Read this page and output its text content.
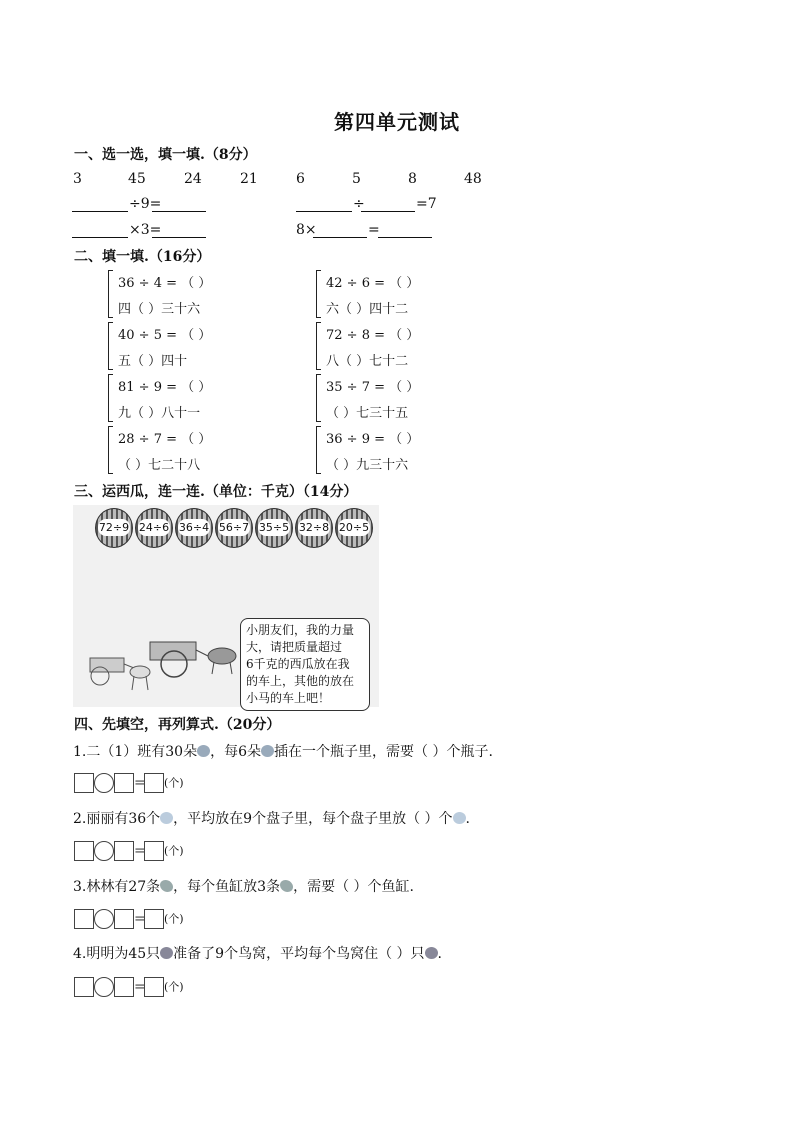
第四单元测试
一、选一选，填一填.（8分）
3	45	24	21	6	5	8	48
÷9=	÷	=7
×3=	8×	=
二、填一填.（16分）
36 ÷ 4 = （ ）
四（ ）三十六
42 ÷ 6 = （ ）
六（ ）四十二
40 ÷ 5 = （ ）
五（ ）四十
72 ÷ 8 = （ ）
八（ ）七十二
81 ÷ 9 = （ ）
九（ ）八十一
35 ÷ 7 = （ ）
（ ）七三十五
28 ÷ 7 = （ ）
（ ）七二十八
36 ÷ 9 = （ ）
（ ）九三十六
三、运西瓜，连一连.（单位：千克）（14分）
72÷9 24÷6 36÷4 56÷7 35÷5 32÷8 20÷5
小朋友们，我的力量
大，请把质量超过
6千克的西瓜放在我
的车上，其他的放在
小马的车上吧！
四、先填空，再列算式.（20分）
1.二（1）班有30朵 ，每6朵 插在一个瓶子里，需要（ ）个瓶子.
= (个)
2.丽丽有36个 ，平均放在9个盘子里，每个盘子里放（ ）个 .
= (个)
3.林林有27条 ，每个鱼缸放3条 ，需要（ ）个鱼缸.
= (个)
4.明明为45只 准备了9个鸟窝，平均每个鸟窝住（ ）只 .
= (个)
